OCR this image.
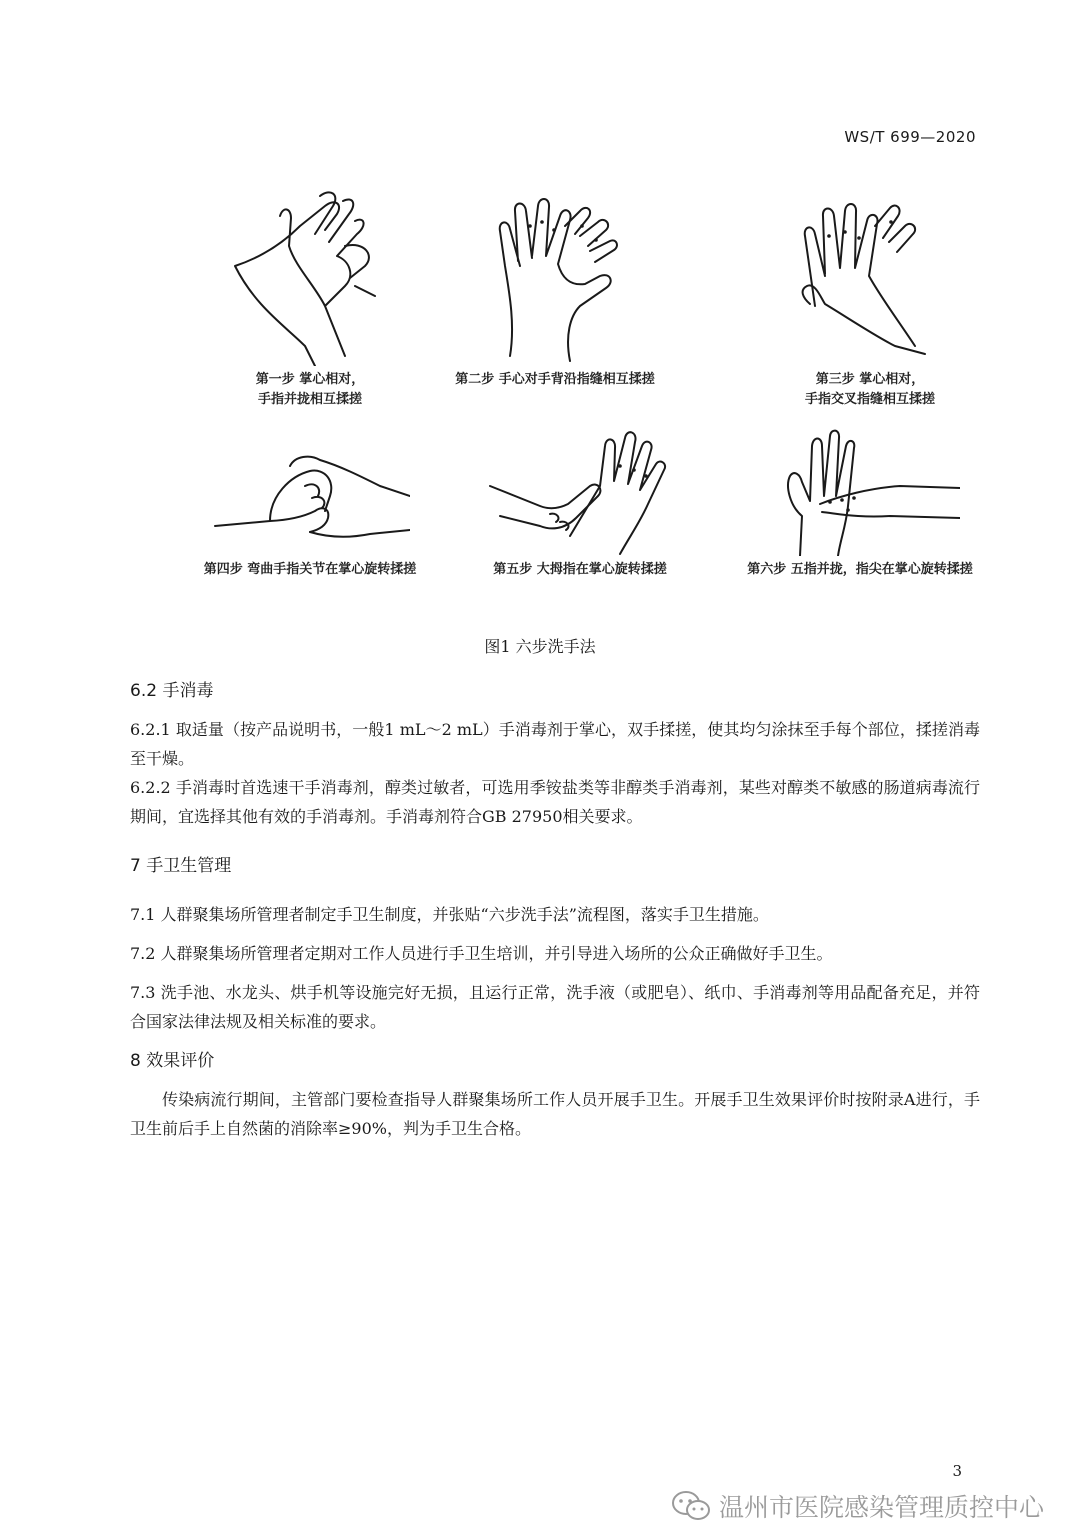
WS/T 699—2020
第一步 掌心相对，
手指并拢相互揉搓
第二步 手心对手背沿指缝相互揉搓	第三步 掌心相对，
手指交叉指缝相互揉搓
第四步 弯曲手指关节在掌心旋转揉搓	第五步 大拇指在掌心旋转揉搓	第六步 五指并拢，指尖在掌心旋转揉搓
图1 六步洗手法
6.2 手消毒

6.2.1 取适量（按产品说明书，一般1 mL～2 mL）手消毒剂于掌心，双手揉搓，使其均匀涂抹至手每个部位，揉搓消毒至干燥。

6.2.2 手消毒时首选速干手消毒剂，醇类过敏者，可选用季铵盐类等非醇类手消毒剂，某些对醇类不敏感的肠道病毒流行期间，宜选择其他有效的手消毒剂。手消毒剂符合GB 27950相关要求。

7 手卫生管理

7.1 人群聚集场所管理者制定手卫生制度，并张贴“六步洗手法”流程图，落实手卫生措施。

7.2 人群聚集场所管理者定期对工作人员进行手卫生培训，并引导进入场所的公众正确做好手卫生。

7.3 洗手池、水龙头、烘手机等设施完好无损，且运行正常，洗手液（或肥皂）、纸巾、手消毒剂等用品配备充足，并符合国家法律法规及相关标准的要求。

8 效果评价

传染病流行期间，主管部门要检查指导人群聚集场所工作人员开展手卫生。开展手卫生效果评价时按附录A进行，手卫生前后手上自然菌的消除率≥90%，判为手卫生合格。

3
温州市医院感染管理质控中心
